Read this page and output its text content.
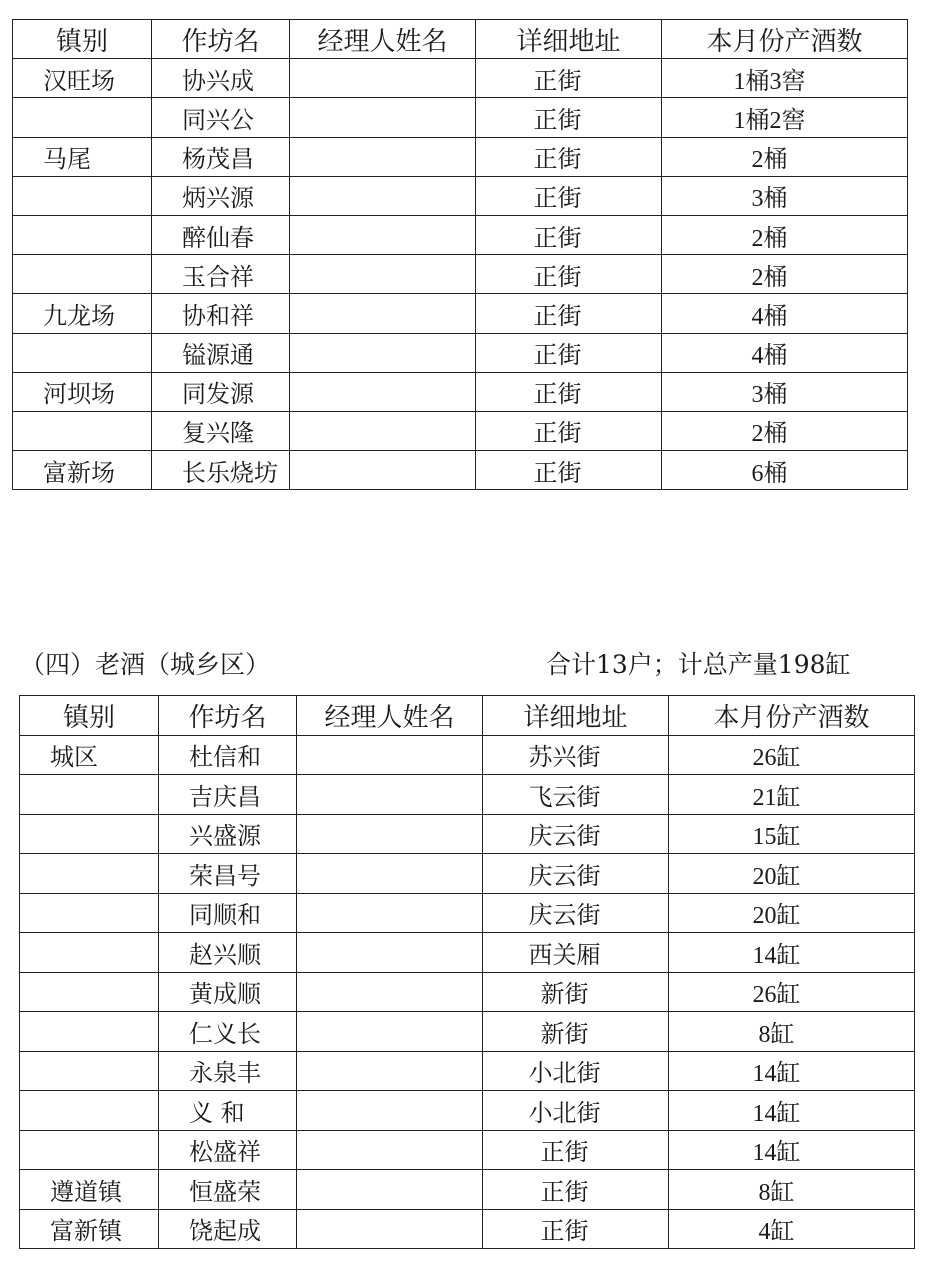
镇别	作坊名	经理人姓名	详细地址	本月份产酒数
汉旺场	协兴成		正街	1桶3窖
	同兴公		正街	1桶2窖
马尾	杨茂昌		正街	2桶
	炳兴源		正街	3桶
	醉仙春		正街	2桶
	玉合祥		正街	2桶
九龙场	协和祥		正街	4桶
	镒源通		正街	4桶
河坝场	同发源		正街	3桶
	复兴隆		正街	2桶
富新场	长乐烧坊		正街	6桶
（四）老酒（城乡区）	合计13户；计总产量198缸
镇别	作坊名	经理人姓名	详细地址	本月份产酒数
城区	杜信和		苏兴街	26缸
	吉庆昌		飞云街	21缸
	兴盛源		庆云街	15缸
	荣昌号		庆云街	20缸
	同顺和		庆云街	20缸
	赵兴顺		西关厢	14缸
	黄成顺		新街	26缸
	仁义长		新街	8缸
	永泉丰		小北街	14缸
	义 和		小北街	14缸
	松盛祥		正街	14缸
遵道镇	恒盛荣		正街	8缸
富新镇	饶起成		正街	4缸
